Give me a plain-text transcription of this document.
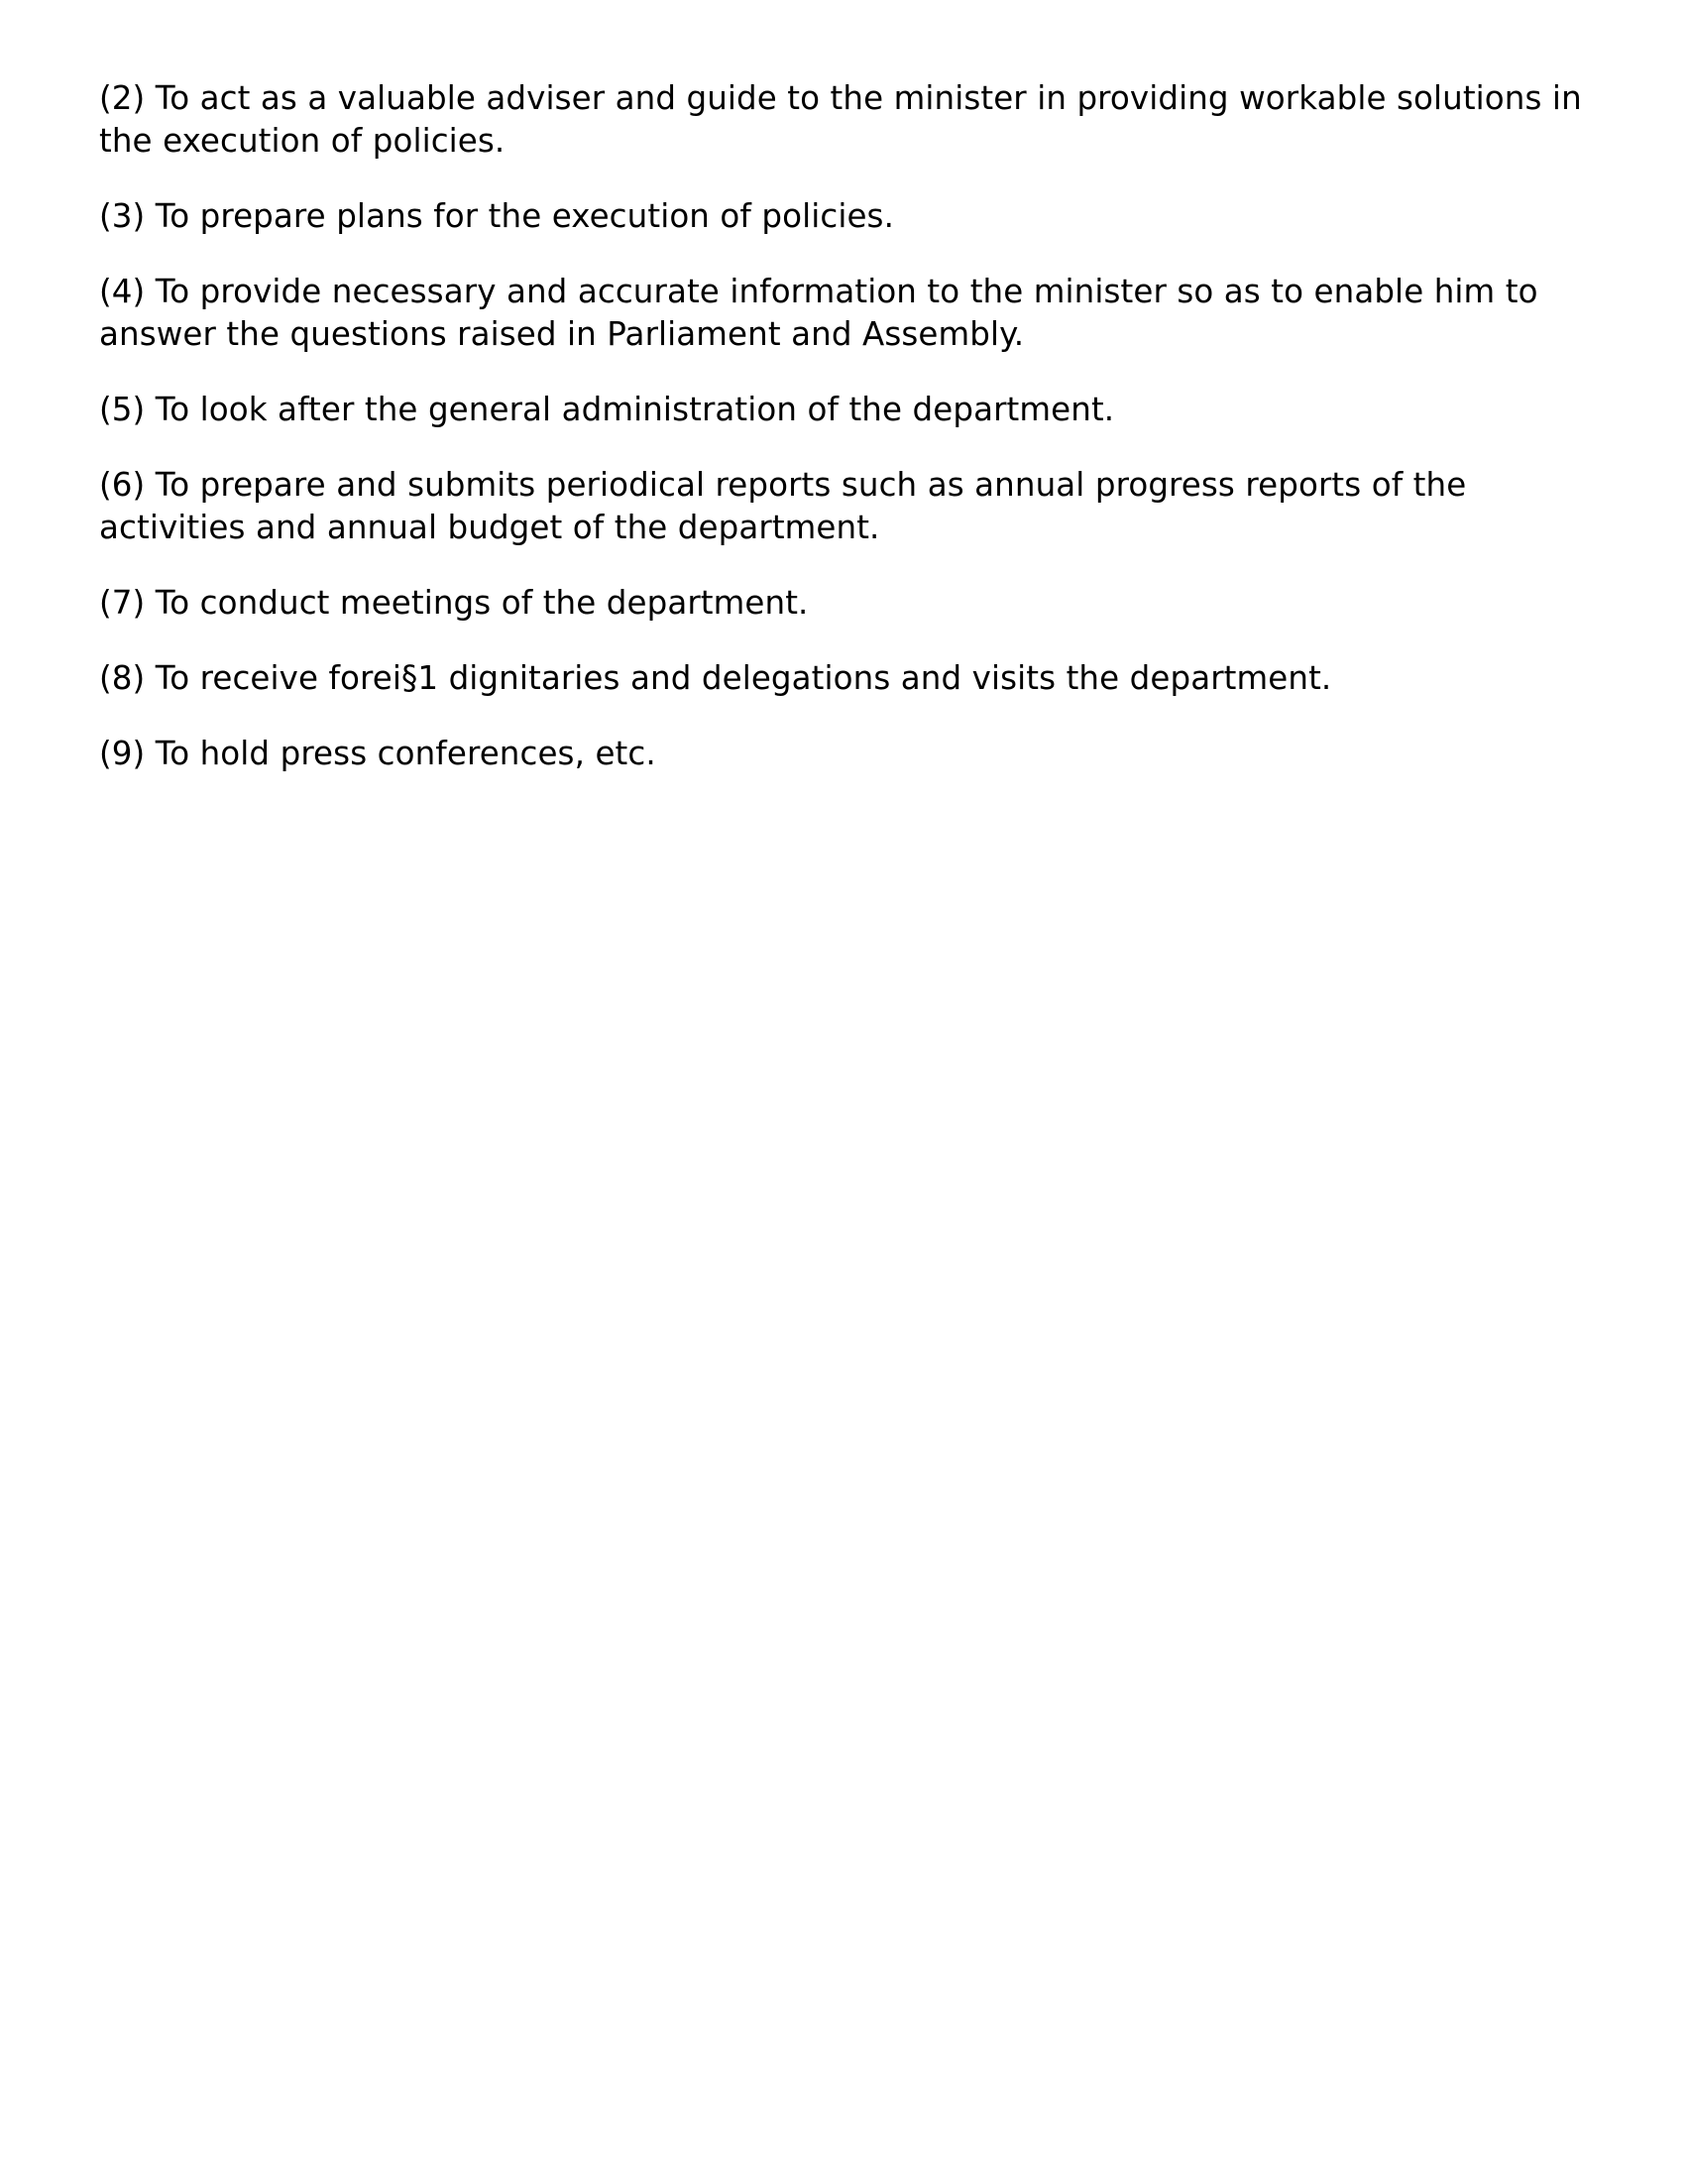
(2) To act as a valuable adviser and guide to the minister in providing workable solutions in the execution of policies.

(3) To prepare plans for the execution of policies.

(4) To provide necessary and accurate information to the minister so as to enable him to answer the questions raised in Parliament and Assembly.

(5) To look after the general administration of the department.

(6) To prepare and submits periodical reports such as annual progress reports of the activities and annual budget of the department.

(7) To conduct meetings of the department.

(8) To receive forei§1 dignitaries and delegations and visits the department.

(9) To hold press conferences, etc.
